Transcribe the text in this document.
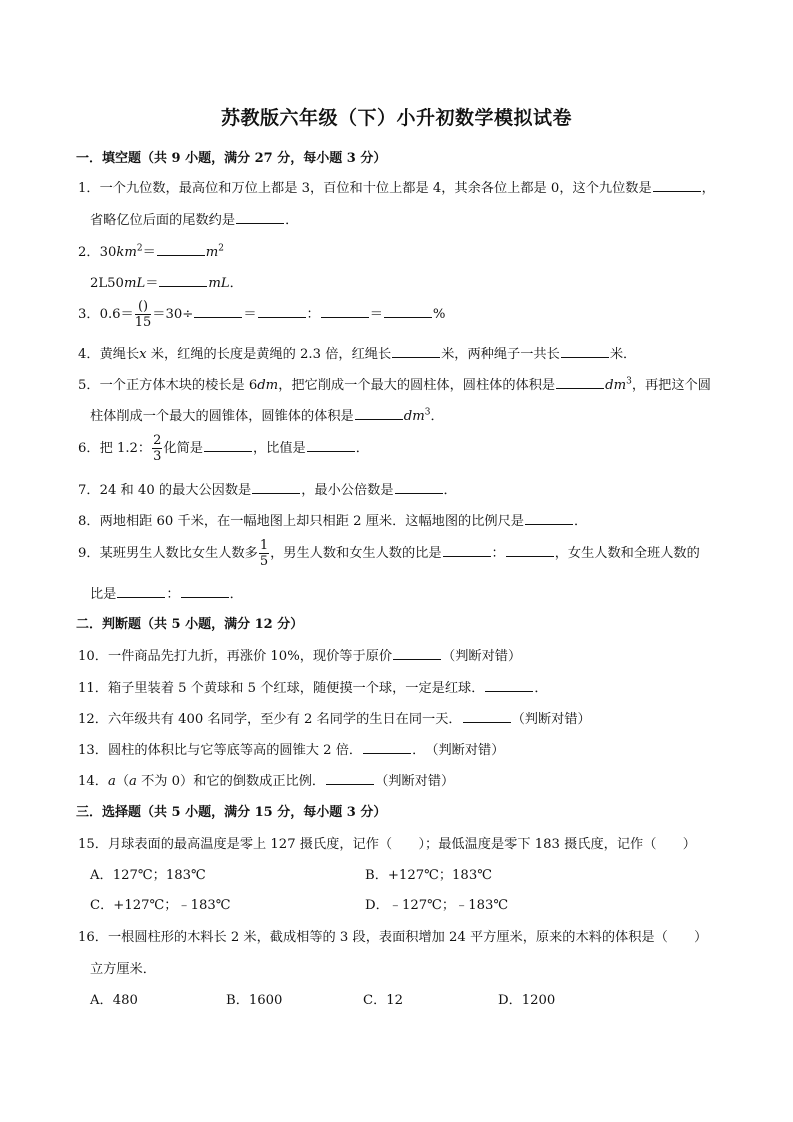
苏教版六年级（下）小升初数学模拟试卷
一．填空题（共 9 小题，满分 27 分，每小题 3 分）
1．一个九位数，最高位和万位上都是 3，百位和十位上都是 4，其余各位上都是 0，这个九位数是	，
省略亿位后面的尾数约是	．
2．$30km^2=$	$m^2$
2L50mL＝	mL．
3．$0.6= \frac{()}{15} =30\div$	＝	：	＝	%
4．黄绳长x 米，红绳的长度是黄绳的 2.3 倍，红绳长	米，两种绳子一共长	米．
5．一个正方体木块的棱长是 6dm，把它削成一个最大的圆柱体，圆柱体的体积是	$dm^3$，再把这个圆
柱体削成一个最大的圆锥体，圆锥体的体积是	$dm^3$．
6．把 1.2： $\frac{2}{3}$ 化简是	，比值是	．
7．24 和 40 的最大公因数是	，最小公倍数是	．
8．两地相距 60 千米，在一幅地图上却只相距 2 厘米．这幅地图的比例尺是	．
9．某班男生人数比女生人数多 $\frac{1}{5}$ ，男生人数和女生人数的比是	：	，女生人数和全班人数的
比是	：	．
二．判断题（共 5 小题，满分 12 分）
10．一件商品先打九折，再涨价 10%，现价等于原价	（判断对错）
11．箱子里装着 5 个黄球和 5 个红球，随便摸一个球，一定是红球．	．
12．六年级共有 400 名同学，至少有 2 名同学的生日在同一天．	（判断对错）
13．圆柱的体积比与它等底等高的圆锥大 2 倍．	．　（判断对错）
14．a（a 不为 0）和它的倒数成正比例．	（判断对错）
三．选择题（共 5 小题，满分 15 分，每小题 3 分）
15．月球表面的最高温度是零上 127 摄氏度，记作（　　）；最低温度是零下 183 摄氏度，记作（　　）
A．127℃；183℃	B．+127℃；183℃
C．+127℃；﹣183℃	D．﹣127℃；﹣183℃
16．一根圆柱形的木料长 2 米，截成相等的 3 段，表面积增加 24 平方厘米，原来的木料的体积是（　　）
立方厘米．
A．480	B．1600	C．12	D．1200
